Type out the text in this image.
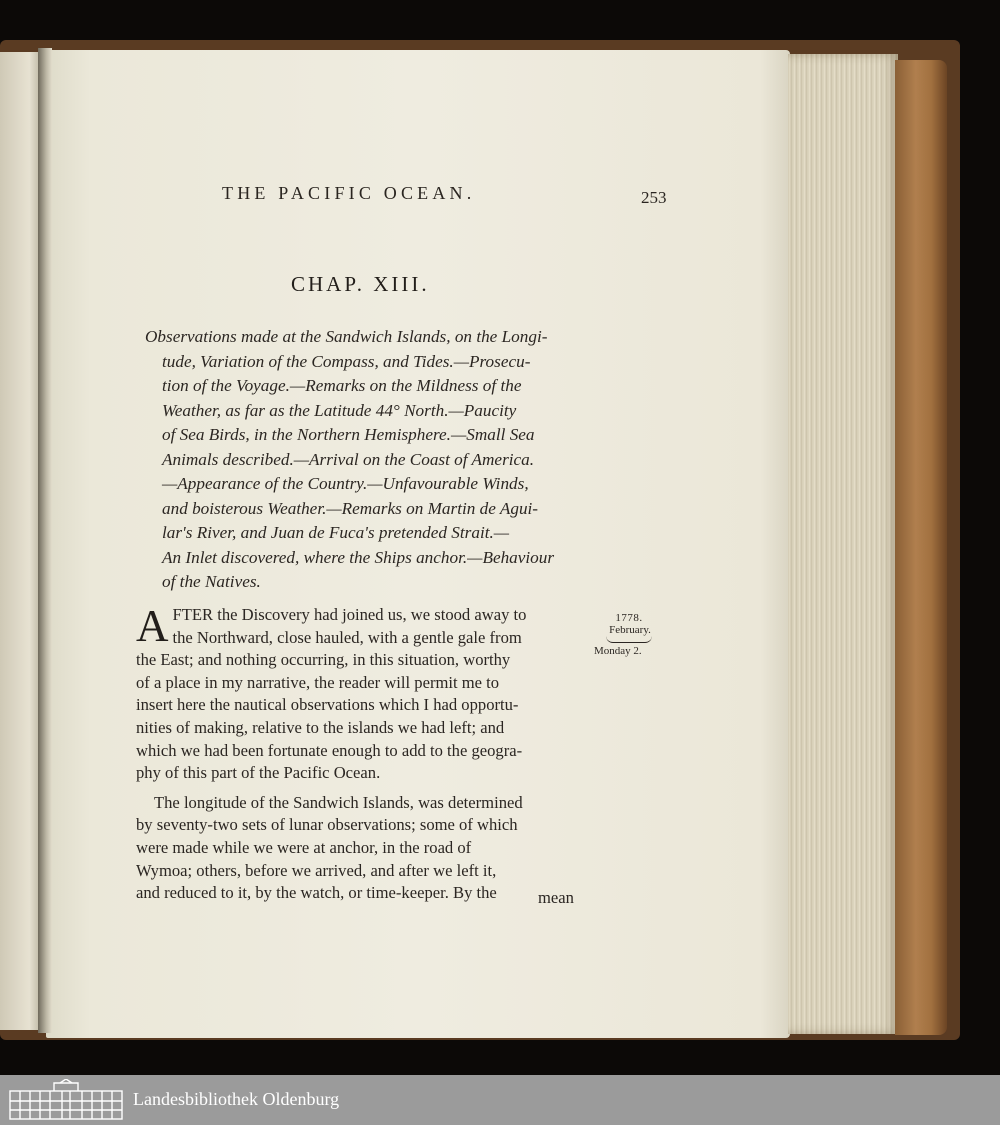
THE PACIFIC OCEAN.	253
CHAP. XIII.
Observations made at the Sandwich Islands, on the Longi-
tude, Variation of the Compass, and Tides.—Prosecu-
tion of the Voyage.—Remarks on the Mildness of the
Weather, as far as the Latitude 44° North.—Paucity
of Sea Birds, in the Northern Hemisphere.—Small Sea
Animals described.—Arrival on the Coast of America.
—Appearance of the Country.—Unfavourable Winds,
and boisterous Weather.—Remarks on Martin de Agui-
lar's River, and Juan de Fuca's pretended Strait.—
An Inlet discovered, where the Ships anchor.—Behaviour
of the Natives.
A FTER the Discovery had joined us, we stood away to
the Northward, close hauled, with a gentle gale from
the East; and nothing occurring, in this situation, worthy
of a place in my narrative, the reader will permit me to
insert here the nautical observations which I had opportu-
nities of making, relative to the islands we had left; and
which we had been fortunate enough to add to the geogra-
phy of this part of the Pacific Ocean.
The longitude of the Sandwich Islands, was determined
by seventy-two sets of lunar observations; some of which
were made while we were at anchor, in the road of
Wymoa; others, before we arrived, and after we left it,
and reduced to it, by the watch, or time-keeper. By the	mean
1778.
February.
Monday 2.
Landesbibliothek Oldenburg
